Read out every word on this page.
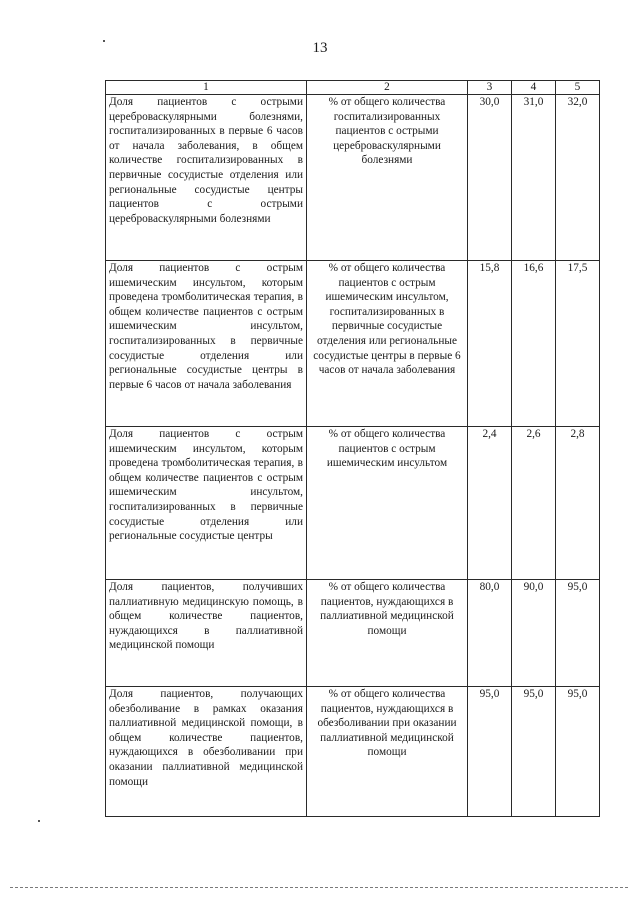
13
1	2	3	4	5
Доля пациентов с острыми цереброваскулярными болезнями, госпитализированных в первые 6 часов от начала заболевания, в общем количестве госпитализированных в первичные сосудистые отделения или региональные сосудистые центры пациентов с острыми цереброваскулярными болезнями	% от общего количества госпитализированных пациентов с острыми цереброваскулярными болезнями	30,0	31,0	32,0
Доля пациентов с острым ишемическим инсультом, которым проведена тромболитическая терапия, в общем количестве пациентов с острым ишемическим инсультом, госпитализированных в первичные сосудистые отделения или региональные сосудистые центры в первые 6 часов от начала заболевания	% от общего количества пациентов с острым ишемическим инсультом, госпитализированных в первичные сосудистые отделения или региональные сосудистые центры в первые 6 часов от начала заболевания	15,8	16,6	17,5
Доля пациентов с острым ишемическим инсультом, которым проведена тромболитическая терапия, в общем количестве пациентов с острым ишемическим инсультом, госпитализированных в первичные сосудистые отделения или региональные сосудистые центры	% от общего количества пациентов с острым ишемическим инсультом	2,4	2,6	2,8
Доля пациентов, получивших паллиативную медицинскую помощь, в общем количестве пациентов, нуждающихся в паллиативной медицинской помощи	% от общего количества пациентов, нуждающихся в паллиативной медицинской помощи	80,0	90,0	95,0
Доля пациентов, получающих обезболивание в рамках оказания паллиативной медицинской помощи, в общем количестве пациентов, нуждающихся в обезболивании при оказании паллиативной медицинской помощи	% от общего количества пациентов, нуждающихся в обезболивании при оказании паллиативной медицинской помощи	95,0	95,0	95,0
